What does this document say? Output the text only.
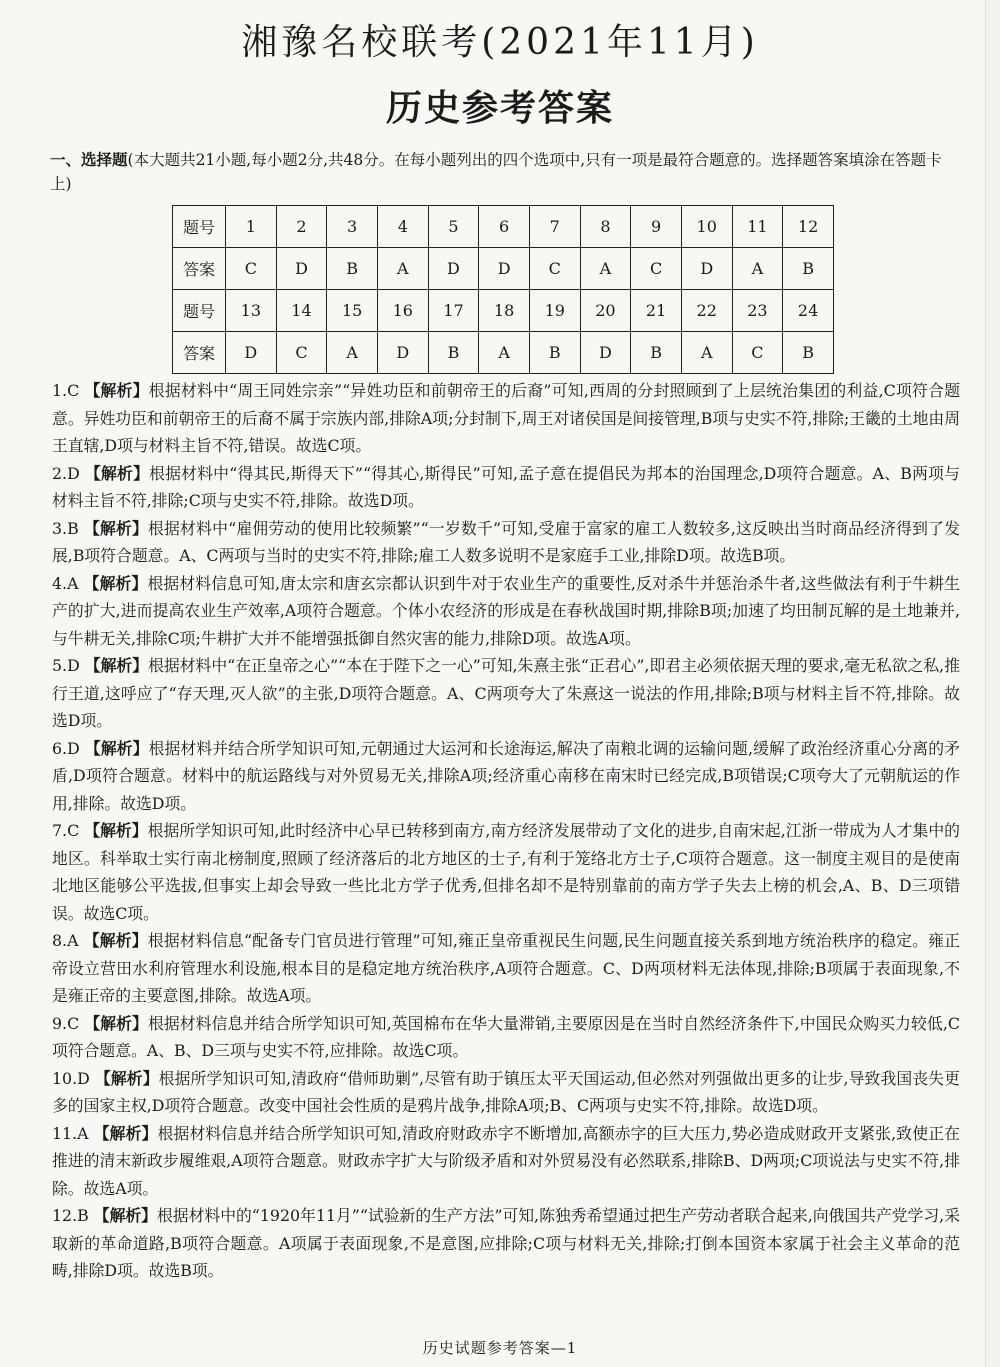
湘豫名校联考(2021年11月)
历史参考答案
一、选择题(本大题共21小题,每小题2分,共48分。在每小题列出的四个选项中,只有一项是最符合题意的。选择题答案填涂在答题卡上)
题号	1	2	3	4	5	6	7	8	9	10	11	12
答案	C	D	B	A	D	D	C	A	C	D	A	B
题号	13	14	15	16	17	18	19	20	21	22	23	24
答案	D	C	A	D	B	A	B	D	B	A	C	B

1.C 【解析】根据材料中“周王同姓宗亲”“异姓功臣和前朝帝王的后裔”可知,西周的分封照顾到了上层统治集团的利益,C项符合题意。异姓功臣和前朝帝王的后裔不属于宗族内部,排除A项;分封制下,周王对诸侯国是间接管理,B项与史实不符,排除;王畿的土地由周王直辖,D项与材料主旨不符,错误。故选C项。

2.D 【解析】根据材料中“得其民,斯得天下”“得其心,斯得民”可知,孟子意在提倡民为邦本的治国理念,D项符合题意。A、B两项与材料主旨不符,排除;C项与史实不符,排除。故选D项。

3.B 【解析】根据材料中“雇佣劳动的使用比较频繁”“一岁数千”可知,受雇于富家的雇工人数较多,这反映出当时商品经济得到了发展,B项符合题意。A、C两项与当时的史实不符,排除;雇工人数多说明不是家庭手工业,排除D项。故选B项。

4.A 【解析】根据材料信息可知,唐太宗和唐玄宗都认识到牛对于农业生产的重要性,反对杀牛并惩治杀牛者,这些做法有利于牛耕生产的扩大,进而提高农业生产效率,A项符合题意。个体小农经济的形成是在春秋战国时期,排除B项;加速了均田制瓦解的是土地兼并,与牛耕无关,排除C项;牛耕扩大并不能增强抵御自然灾害的能力,排除D项。故选A项。

5.D 【解析】根据材料中“在正皇帝之心”“本在于陛下之一心”可知,朱熹主张“正君心”,即君主必须依据天理的要求,毫无私欲之私,推行王道,这呼应了“存天理,灭人欲”的主张,D项符合题意。A、C两项夸大了朱熹这一说法的作用,排除;B项与材料主旨不符,排除。故选D项。

6.D 【解析】根据材料并结合所学知识可知,元朝通过大运河和长途海运,解决了南粮北调的运输问题,缓解了政治经济重心分离的矛盾,D项符合题意。材料中的航运路线与对外贸易无关,排除A项;经济重心南移在南宋时已经完成,B项错误;C项夸大了元朝航运的作用,排除。故选D项。

7.C 【解析】根据所学知识可知,此时经济中心早已转移到南方,南方经济发展带动了文化的进步,自南宋起,江浙一带成为人才集中的地区。科举取士实行南北榜制度,照顾了经济落后的北方地区的士子,有利于笼络北方士子,C项符合题意。这一制度主观目的是使南北地区能够公平选拔,但事实上却会导致一些比北方学子优秀,但排名却不是特别靠前的南方学子失去上榜的机会,A、B、D三项错误。故选C项。

8.A 【解析】根据材料信息“配备专门官员进行管理”可知,雍正皇帝重视民生问题,民生问题直接关系到地方统治秩序的稳定。雍正帝设立营田水利府管理水利设施,根本目的是稳定地方统治秩序,A项符合题意。C、D两项材料无法体现,排除;B项属于表面现象,不是雍正帝的主要意图,排除。故选A项。

9.C 【解析】根据材料信息并结合所学知识可知,英国棉布在华大量滞销,主要原因是在当时自然经济条件下,中国民众购买力较低,C项符合题意。A、B、D三项与史实不符,应排除。故选C项。

10.D 【解析】根据所学知识可知,清政府“借师助剿”,尽管有助于镇压太平天国运动,但必然对列强做出更多的让步,导致我国丧失更多的国家主权,D项符合题意。改变中国社会性质的是鸦片战争,排除A项;B、C两项与史实不符,排除。故选D项。

11.A 【解析】根据材料信息并结合所学知识可知,清政府财政赤字不断增加,高额赤字的巨大压力,势必造成财政开支紧张,致使正在推进的清末新政步履维艰,A项符合题意。财政赤字扩大与阶级矛盾和对外贸易没有必然联系,排除B、D两项;C项说法与史实不符,排除。故选A项。

12.B 【解析】根据材料中的“1920年11月”“试验新的生产方法”可知,陈独秀希望通过把生产劳动者联合起来,向俄国共产党学习,采取新的革命道路,B项符合题意。A项属于表面现象,不是意图,应排除;C项与材料无关,排除;打倒本国资本家属于社会主义革命的范畴,排除D项。故选B项。

历史试题参考答案—1
